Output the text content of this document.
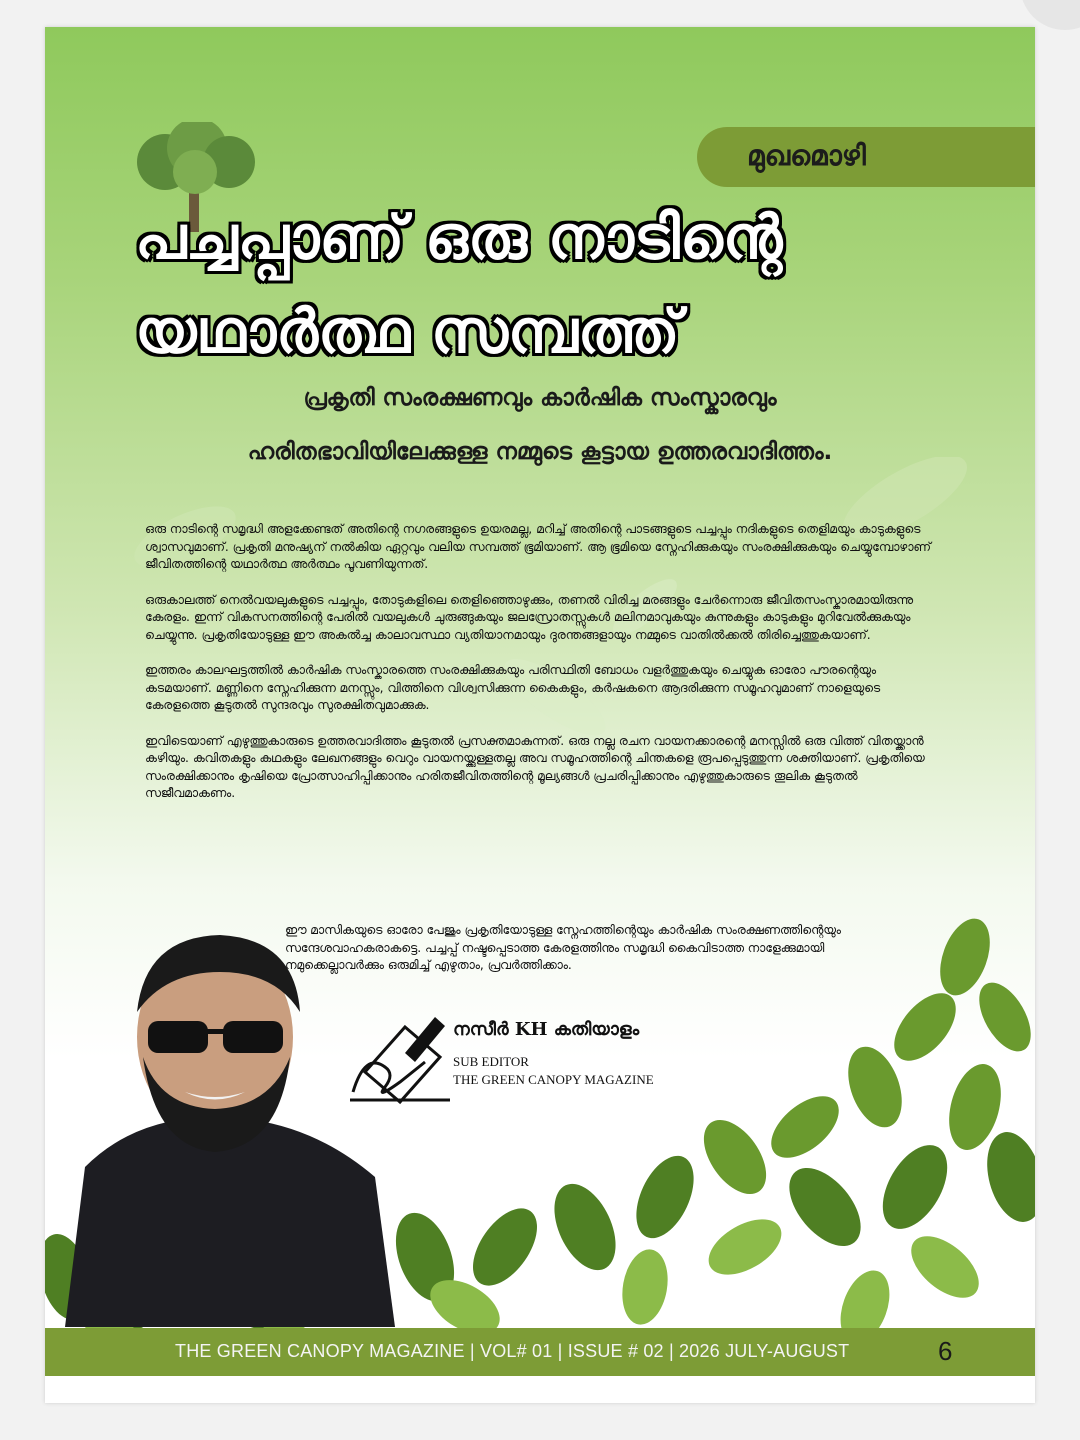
മുഖമൊഴി
പച്ചപ്പാണ് ഒരു നാടിന്റെ
യഥാർത്ഥ സമ്പത്ത്
പ്രകൃതി സംരക്ഷണവും കാർഷിക സംസ്കാരവും
ഹരിതഭാവിയിലേക്കുള്ള നമ്മുടെ കൂട്ടായ ഉത്തരവാദിത്തം.

ഒരു നാടിന്റെ സമൃദ്ധി അളക്കേണ്ടത് അതിന്റെ നഗരങ്ങളുടെ ഉയരമല്ല, മറിച്ച് അതിന്റെ പാടങ്ങളുടെ പച്ചപ്പും നദികളുടെ തെളിമയും കാടുകളുടെ ശ്വാസവുമാണ്. പ്രകൃതി മനുഷ്യന് നൽകിയ ഏറ്റവും വലിയ സമ്പത്ത് ഭൂമിയാണ്. ആ ഭൂമിയെ സ്നേഹിക്കുകയും സംരക്ഷിക്കുകയും ചെയ്യുമ്പോഴാണ് ജീവിതത്തിന്റെ യഥാർത്ഥ അർത്ഥം പൂവണിയുന്നത്.

ഒരുകാലത്ത് നെൽവയലുകളുടെ പച്ചപ്പും, തോടുകളിലെ തെളിഞ്ഞൊഴുക്കും, തണൽ വിരിച്ച മരങ്ങളും ചേർന്നൊരു ജീവിതസംസ്കാരമായിരുന്നു കേരളം. ഇന്ന് വികസനത്തിന്റെ പേരിൽ വയലുകൾ ചുരുങ്ങുകയും ജലസ്രോതസ്സുകൾ മലിനമാവുകയും കുന്നുകളും കാടുകളും മുറിവേൽക്കുകയും ചെയ്യുന്നു. പ്രകൃതിയോടുള്ള ഈ അകൽച്ച കാലാവസ്ഥാ വ്യതിയാനമായും ദുരന്തങ്ങളായും നമ്മുടെ വാതിൽക്കൽ തിരിച്ചെത്തുകയാണ്.

ഇത്തരം കാലഘട്ടത്തിൽ കാർഷിക സംസ്കാരത്തെ സംരക്ഷിക്കുകയും പരിസ്ഥിതി ബോധം വളർത്തുകയും ചെയ്യുക ഓരോ പൗരന്റെയും കടമയാണ്. മണ്ണിനെ സ്നേഹിക്കുന്ന മനസ്സും, വിത്തിനെ വിശ്വസിക്കുന്ന കൈകളും, കർഷകനെ ആദരിക്കുന്ന സമൂഹവുമാണ് നാളെയുടെ കേരളത്തെ കൂടുതൽ സുന്ദരവും സുരക്ഷിതവുമാക്കുക.

ഇവിടെയാണ് എഴുത്തുകാരുടെ ഉത്തരവാദിത്തം കൂടുതൽ പ്രസക്തമാകുന്നത്. ഒരു നല്ല രചന വായനക്കാരന്റെ മനസ്സിൽ ഒരു വിത്ത് വിതയ്ക്കാൻ കഴിയും. കവിതകളും കഥകളും ലേഖനങ്ങളും വെറും വായനയ്ക്കുള്ളതല്ല അവ സമൂഹത്തിന്റെ ചിന്തകളെ രൂപപ്പെടുത്തുന്ന ശക്തിയാണ്. പ്രകൃതിയെ സംരക്ഷിക്കാനും കൃഷിയെ പ്രോത്സാഹിപ്പിക്കാനും ഹരിതജീവിതത്തിന്റെ മൂല്യങ്ങൾ പ്രചരിപ്പിക്കാനും എഴുത്തുകാരുടെ തൂലിക കൂടുതൽ സജീവമാകണം.

ഈ മാസികയുടെ ഓരോ പേജും പ്രകൃതിയോടുള്ള സ്നേഹത്തിന്റെയും കാർഷിക സംരക്ഷണത്തിന്റെയും സന്ദേശവാഹകരാകട്ടെ. പച്ചപ്പ് നഷ്ടപ്പെടാത്ത കേരളത്തിനും സമൃദ്ധി കൈവിടാത്ത നാളേക്കുമായി നമുക്കെല്ലാവർക്കും ഒരുമിച്ച് എഴുതാം, പ്രവർത്തിക്കാം.
നസീർ KH കതിയാളം
SUB EDITOR
THE GREEN CANOPY MAGAZINE
THE GREEN CANOPY MAGAZINE | VOL# 01 | ISSUE # 02 | 2026 JULY-AUGUST	6
